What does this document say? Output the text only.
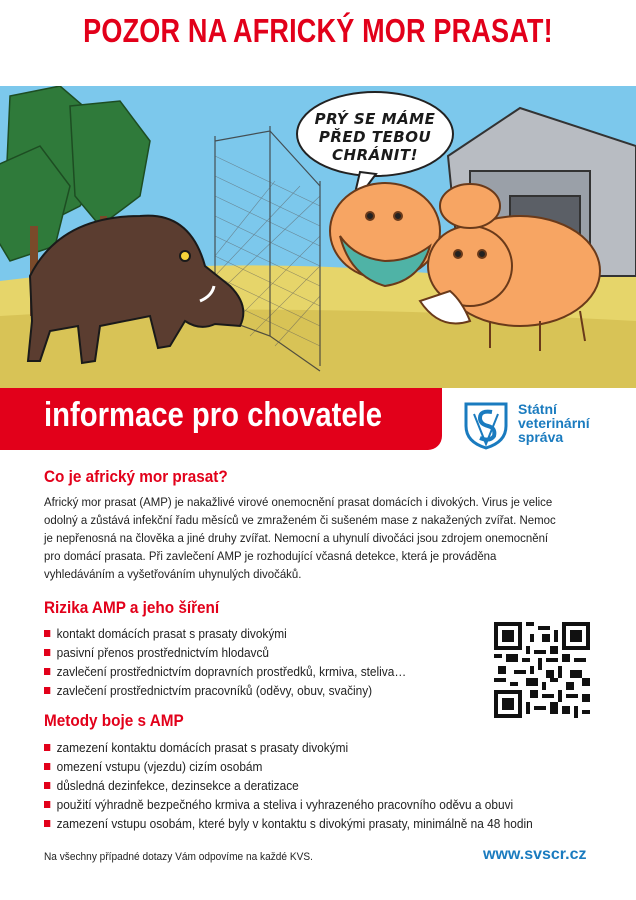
POZOR NA AFRICKÝ MOR PRASAT!
PRÝ SE MÁME
PŘED TEBOU
CHRÁNIT!
informace pro chovatele	Státní
veterinární
správa
Co je africký mor prasat?
Africký mor prasat (AMP) je nakažlivé virové onemocnění prasat domácích i divokých. Virus je velice odolný a zůstává infekční řadu měsíců ve zmraženém či sušeném mase z nakažených zvířat. Nemoc je nepřenosná na člověka a jiné druhy zvířat. Nemocní a uhynulí divočáci jsou zdrojem onemocnění pro domácí prasata. Při zavlečení AMP je rozhodující včasná detekce, která je prováděna vyhledáváním a vyšetřováním uhynulých divočáků.
Rizika AMP a jeho šíření
kontakt domácích prasat s prasaty divokými
pasivní přenos prostřednictvím hlodavců
zavlečení prostřednictvím dopravních prostředků, krmiva, steliva…
zavlečení prostřednictvím pracovníků (oděvy, obuv, svačiny)
Metody boje s AMP
zamezení kontaktu domácích prasat s prasaty divokými
omezení vstupu (vjezdu) cizím osobám
důsledná dezinfekce, dezinsekce a deratizace
použití výhradně bezpečného krmiva a steliva i vyhrazeného pracovního oděvu a obuvi
zamezení vstupu osobám, které byly v kontaktu s divokými prasaty, minimálně na 48 hodin
Na všechny případné dotazy Vám odpovíme na každé KVS.	www.svscr.cz
